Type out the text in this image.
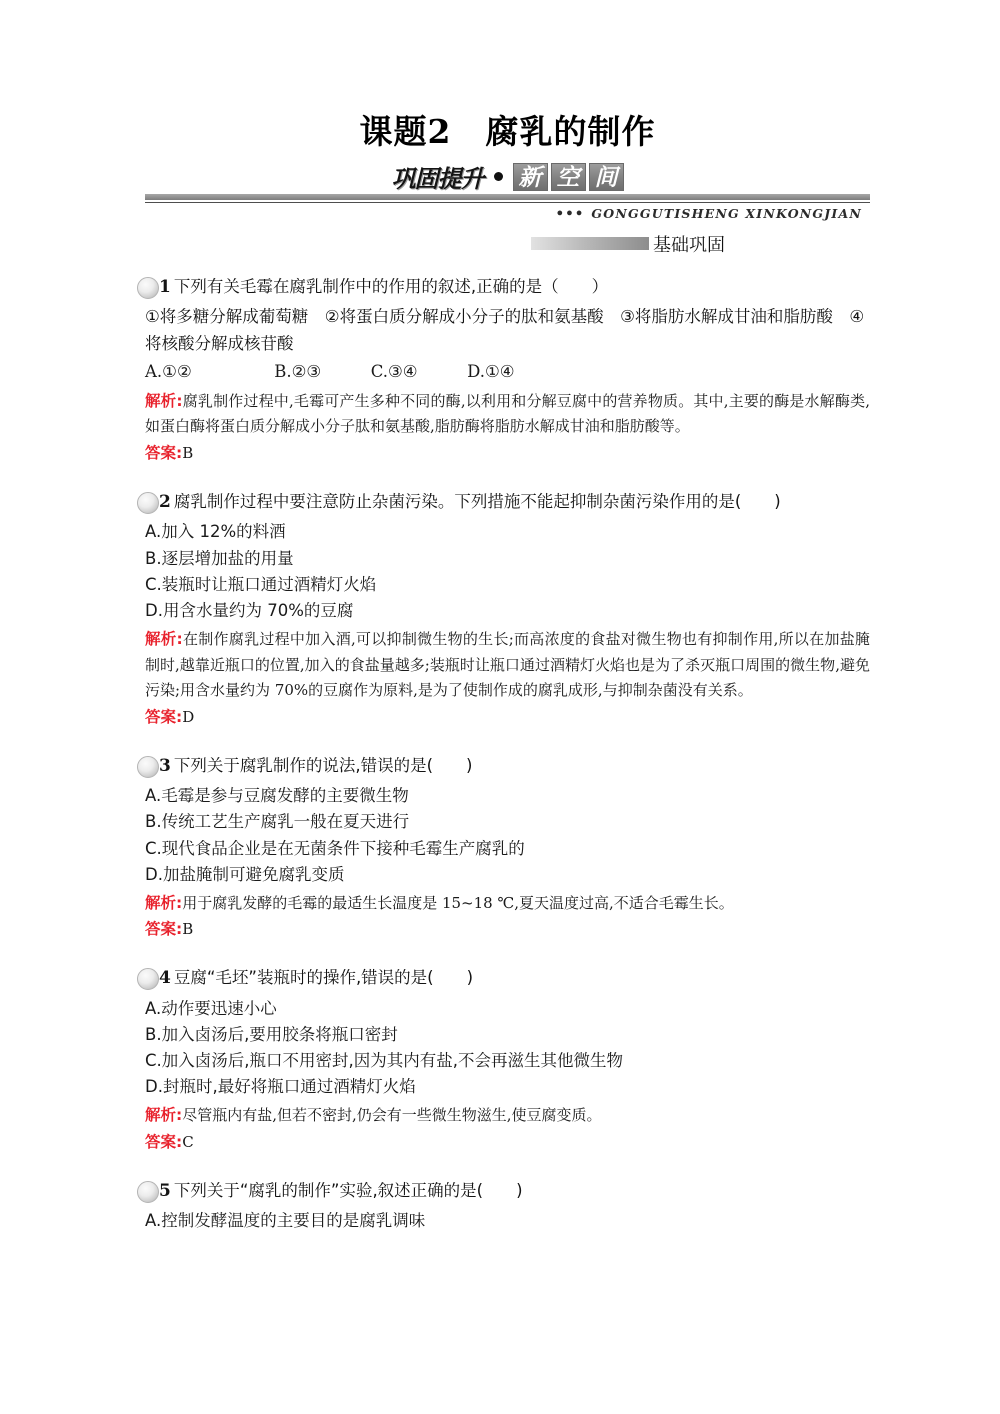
课题2　腐乳的制作
巩固提升 新 空 间
●●● GONGGUTISHENG XINKONGJIAN
基础巩固
1 下列有关毛霉在腐乳制作中的作用的叙述,正确的是（　　）
①将多糖分解成葡萄糖　②将蛋白质分解成小分子的肽和氨基酸　③将脂肪水解成甘油和脂肪酸　④将核酸分解成核苷酸
A.①②　　　　　B.②③　　　C.③④　　　D.①④
解析:腐乳制作过程中,毛霉可产生多种不同的酶,以利用和分解豆腐中的营养物质。其中,主要的酶是水解酶类,如蛋白酶将蛋白质分解成小分子肽和氨基酸,脂肪酶将脂肪水解成甘油和脂肪酸等。
答案:B
2 腐乳制作过程中要注意防止杂菌污染。下列措施不能起抑制杂菌污染作用的是(　　)
A.加入 12%的料酒
B.逐层增加盐的用量
C.装瓶时让瓶口通过酒精灯火焰
D.用含水量约为 70%的豆腐
解析:在制作腐乳过程中加入酒,可以抑制微生物的生长;而高浓度的食盐对微生物也有抑制作用,所以在加盐腌制时,越靠近瓶口的位置,加入的食盐量越多;装瓶时让瓶口通过酒精灯火焰也是为了杀灭瓶口周围的微生物,避免污染;用含水量约为 70%的豆腐作为原料,是为了使制作成的腐乳成形,与抑制杂菌没有关系。
答案:D
3 下列关于腐乳制作的说法,错误的是(　　)
A.毛霉是参与豆腐发酵的主要微生物
B.传统工艺生产腐乳一般在夏天进行
C.现代食品企业是在无菌条件下接种毛霉生产腐乳的
D.加盐腌制可避免腐乳变质
解析:用于腐乳发酵的毛霉的最适生长温度是 15~18 ℃,夏天温度过高,不适合毛霉生长。
答案:B
4 豆腐“毛坯”装瓶时的操作,错误的是(　　)
A.动作要迅速小心
B.加入卤汤后,要用胶条将瓶口密封
C.加入卤汤后,瓶口不用密封,因为其内有盐,不会再滋生其他微生物
D.封瓶时,最好将瓶口通过酒精灯火焰
解析:尽管瓶内有盐,但若不密封,仍会有一些微生物滋生,使豆腐变质。
答案:C
5 下列关于“腐乳的制作”实验,叙述正确的是(　　)
A.控制发酵温度的主要目的是腐乳调味
